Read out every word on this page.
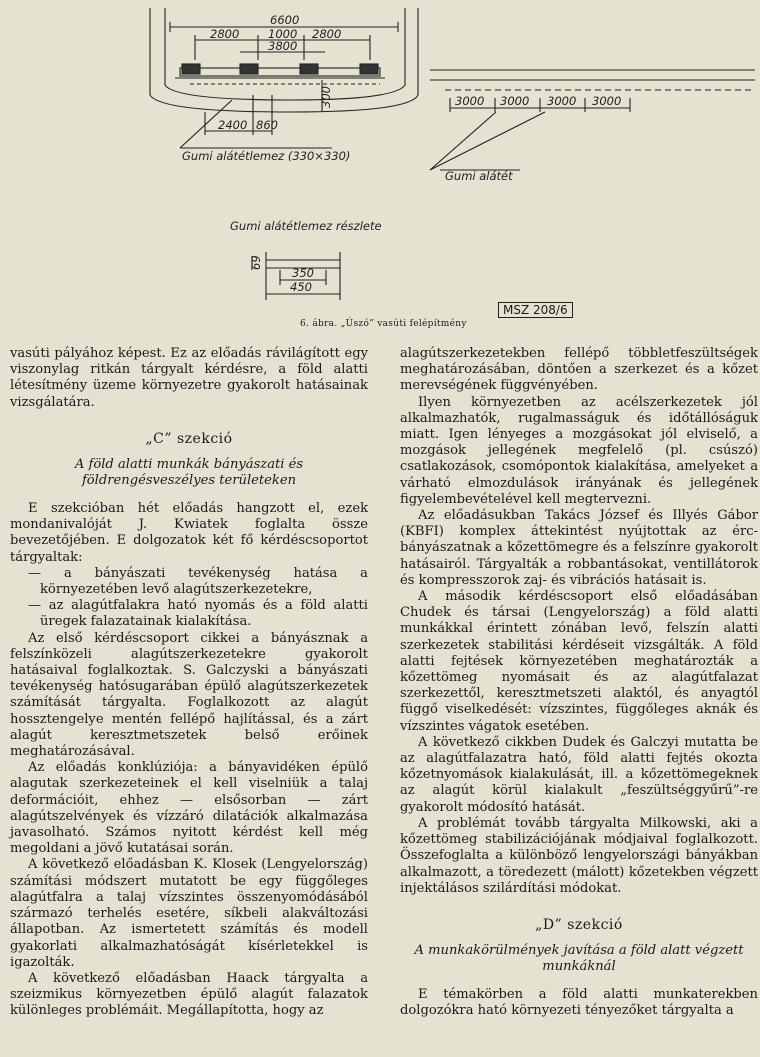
6600
2800 1000 2800
3800
300
2400 860
Gumi alátétlemez (330×330)
3000 3000 3000 3000
Gumi alátét
Gumi alátétlemez részlete
69
350
450
MSZ 208/6
6. ábra. „Úszó” vasúti felépítmény

vasúti pályához képest. Ez az előadás rávilágított egy viszonylag ritkán tárgyalt kérdésre, a föld alatti létesítmény üzeme környezetre gyakorolt hatásainak vizsgálatára.

„C” szekció
A föld alatti munkák bányászati és földrengésveszélyes területeken

E szekcióban hét előadás hangzott el, ezek mondanivalóját J. Kwiatek foglalta össze bevezetőjében. E dolgozatok két fő kérdéscsoportot tárgyaltak:

— a bányászati tevékenység hatása a környezetében levő alagútszerkezetekre,

— az alagútfalakra ható nyomás és a föld alatti üregek falazatainak kialakítása.

Az első kérdéscsoport cikkei a bányásznak a felszínközeli alagútszerkezetekre gyakorolt hatásaival foglalkoztak. S. Galczyski a bányászati tevékenység hatósugarában épülő alagútszerkezetek számítását tárgyalta. Foglalkozott az alagút hossztengelye mentén fellépő hajlítással, és a zárt alagút keresztmetszetek belső erőinek meghatározásával.

Az előadás konklúziója: a bányavidéken épülő alagutak szerkezeteinek el kell viselniük a talaj deformációit, ehhez — elsősorban — zárt alagútszelvények és vízzáró dilatációk alkalmazása javasolható. Számos nyitott kérdést kell még megoldani a jövő kutatásai során.

A következő előadásban K. Klosek (Lengyelország) számítási módszert mutatott be egy függőleges alagútfalra a talaj vízszintes összenyomódásából származó terhelés esetére, síkbeli alakváltozási állapotban. Az ismertetett számítás és modell gyakorlati alkalmazhatóságát kísérletekkel is igazolták.

A következő előadásban Haack tárgyalta a szeizmikus környezetben épülő alagút falazatok különleges problémáit. Megállapította, hogy az

alagútszerkezetekben fellépő többletfeszültségek meghatározásában, döntően a szerkezet és a kőzet merevségének függvényében.

Ilyen környezetben az acélszerkezetek jól alkalmazhatók, rugalmasságuk és időtállóságuk miatt. Igen lényeges a mozgásokat jól elviselő, a mozgások jellegének megfelelő (pl. csúszó) csatlakozások, csomópontok kialakítása, amelyeket a várható elmozdulások irányának és jellegének figyelembevételével kell megtervezni.

Az előadásukban Takács József és Illyés Gábor (KBFI) komplex áttekintést nyújtottak az érc-bányászatnak a kőzettömegre és a felszínre gyakorolt hatásairól. Tárgyalták a robbantásokat, ventillátorok és kompresszorok zaj- és vibrációs hatásait is.

A második kérdéscsoport első előadásában Chudek és társai (Lengyelország) a föld alatti munkákkal érintett zónában levő, felszín alatti szerkezetek stabilitási kérdéseit vizsgálták. A föld alatti fejtések környezetében meghatározták a kőzettömeg nyomásait és az alagútfalazat szerkezettől, keresztmetszeti alaktól, és anyagtól függő viselkedését: vízszintes, függőleges aknák és vízszintes vágatok esetében.

A következő cikkben Dudek és Galczyi mutatta be az alagútfalazatra ható, föld alatti fejtés okozta kőzetnyomások kialakulását, ill. a kőzettömegeknek az alagút körül kialakult „feszültséggyűrű”-re gyakorolt módosító hatását.

A problémát tovább tárgyalta Milkowski, aki a kőzettömeg stabilizációjának módjaival foglalkozott. Összefoglalta a különböző lengyelországi bányákban alkalmazott, a töredezett (málott) kőzetekben végzett injektálásos szilárdítási módokat.

„D” szekció
A munkakörülmények javítása a föld alatt végzett munkáknál

E témakörben a föld alatti munkaterekben dolgozókra ható környezeti tényezőket tárgyalta a
